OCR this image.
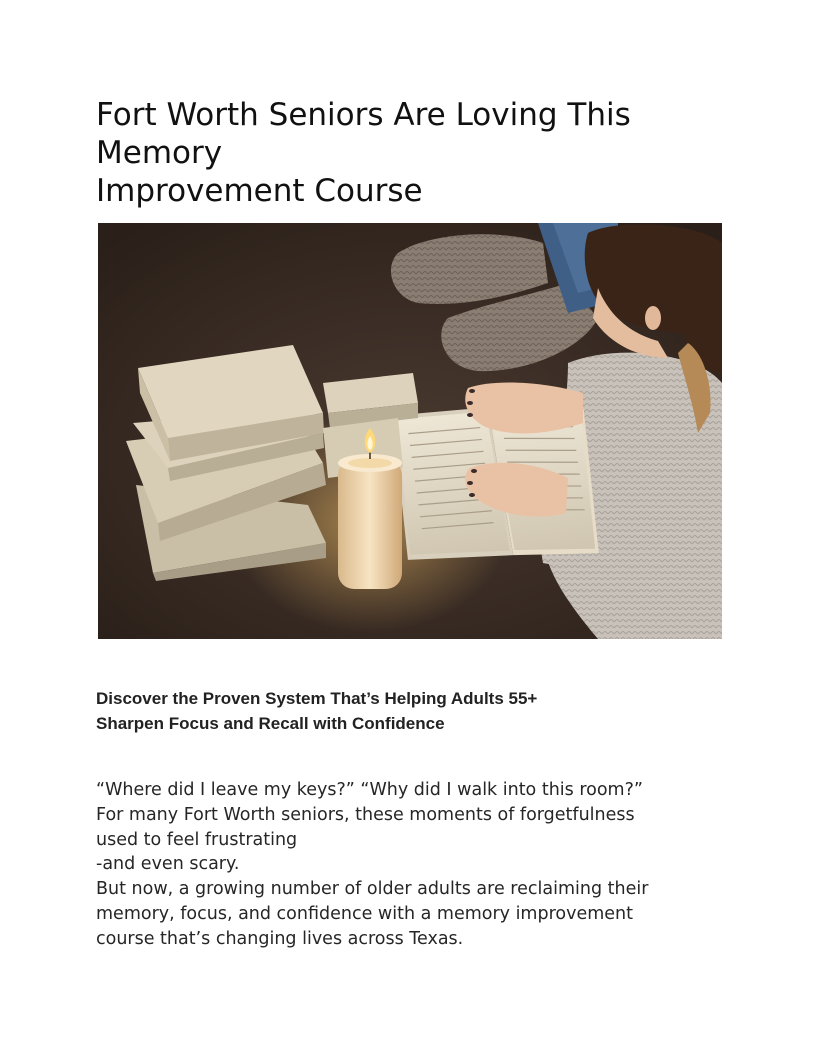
Fort Worth Seniors Are Loving This
Memory
Improvement Course
Discover the Proven System That’s Helping Adults 55+
Sharpen Focus and Recall with Confidence

“Where did I leave my keys?” “Why did I walk into this room?”
For many Fort Worth seniors, these moments of forgetfulness
used to feel frustrating
-and even scary.
But now, a growing number of older adults are reclaiming their
memory, focus, and confidence with a memory improvement
course that’s changing lives across Texas.
